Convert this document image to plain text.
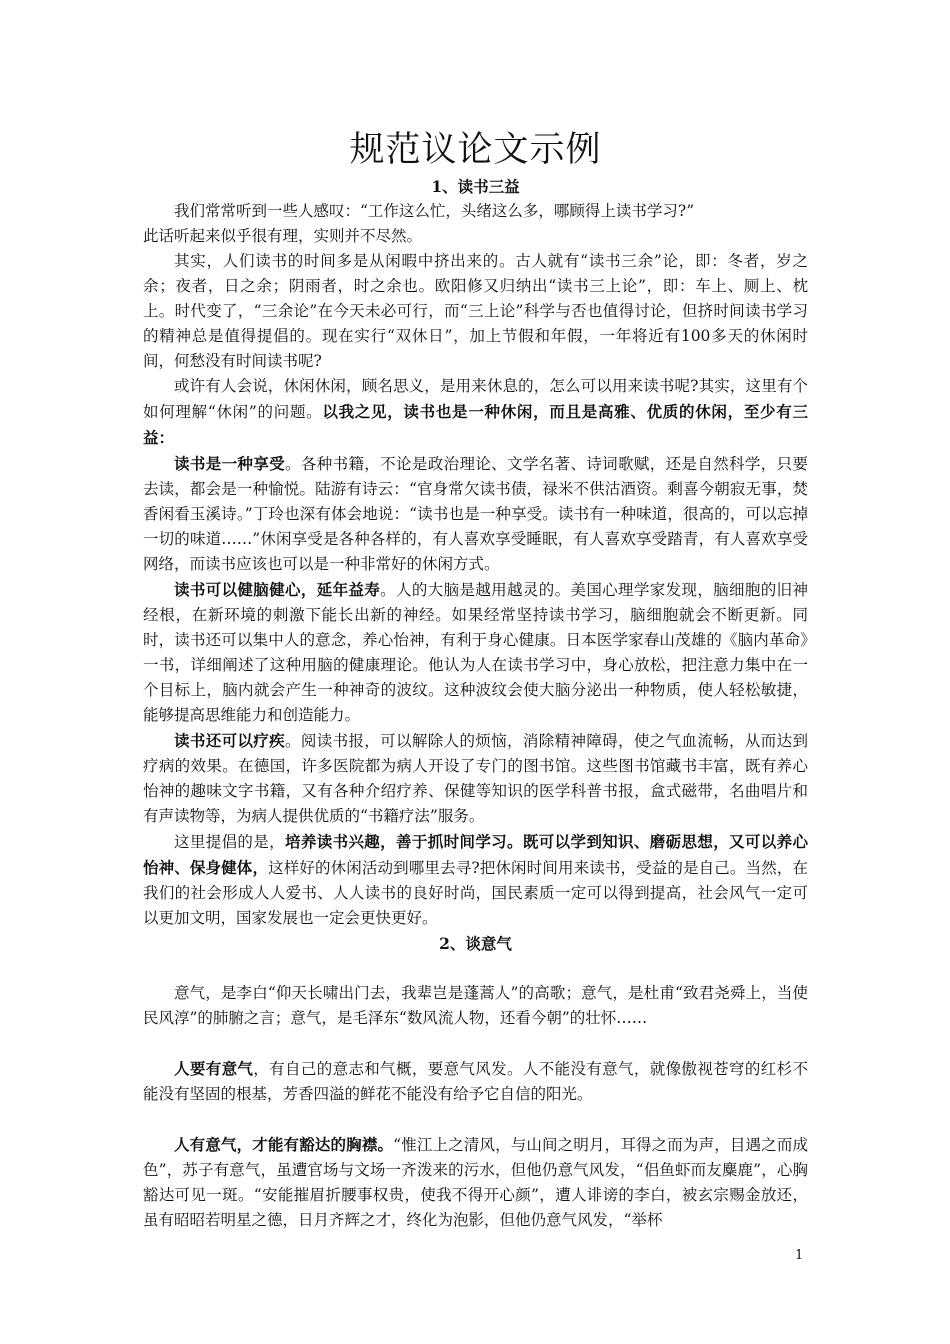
规范议论文示例
1、读书三益

我们常常听到一些人感叹：“工作这么忙，头绪这么多，哪顾得上读书学习?”

此话听起来似乎很有理，实则并不尽然。

其实，人们读书的时间多是从闲暇中挤出来的。古人就有“读书三余”论，即：冬者，岁之余；夜者，日之余；阴雨者，时之余也。欧阳修又归纳出“读书三上论”，即：车上、厕上、枕上。时代变了，“三余论”在今天未必可行，而“三上论”科学与否也值得讨论，但挤时间读书学习的精神总是值得提倡的。现在实行“双休日”，加上节假和年假，一年将近有100多天的休闲时间，何愁没有时间读书呢?

或许有人会说，休闲休闲，顾名思义，是用来休息的，怎么可以用来读书呢?其实，这里有个如何理解“休闲”的问题。以我之见，读书也是一种休闲，而且是高雅、优质的休闲，至少有三益：

读书是一种享受。各种书籍，不论是政治理论、文学名著、诗词歌赋，还是自然科学，只要去读，都会是一种愉悦。陆游有诗云：“官身常欠读书债，禄米不供沽酒资。剩喜今朝寂无事，焚香闲看玉溪诗。”丁玲也深有体会地说：“读书也是一种享受。读书有一种味道，很高的，可以忘掉一切的味道……”休闲享受是各种各样的，有人喜欢享受睡眠，有人喜欢享受踏青，有人喜欢享受网络，而读书应该也可以是一种非常好的休闲方式。

读书可以健脑健心，延年益寿。人的大脑是越用越灵的。美国心理学家发现，脑细胞的旧神经根，在新环境的刺激下能长出新的神经。如果经常坚持读书学习，脑细胞就会不断更新。同时，读书还可以集中人的意念，养心怡神，有利于身心健康。日本医学家春山茂雄的《脑内革命》一书，详细阐述了这种用脑的健康理论。他认为人在读书学习中，身心放松，把注意力集中在一个目标上，脑内就会产生一种神奇的波纹。这种波纹会使大脑分泌出一种物质，使人轻松敏捷，能够提高思维能力和创造能力。

读书还可以疗疾。阅读书报，可以解除人的烦恼，消除精神障碍，使之气血流畅，从而达到疗病的效果。在德国，许多医院都为病人开设了专门的图书馆。这些图书馆藏书丰富，既有养心怡神的趣味文字书籍，又有各种介绍疗养、保健等知识的医学科普书报，盒式磁带，名曲唱片和有声读物等，为病人提供优质的“书籍疗法”服务。

这里提倡的是，培养读书兴趣，善于抓时间学习。既可以学到知识、磨砺思想，又可以养心怡神、保身健体，这样好的休闲活动到哪里去寻?把休闲时间用来读书，受益的是自己。当然，在我们的社会形成人人爱书、人人读书的良好时尚，国民素质一定可以得到提高，社会风气一定可以更加文明，国家发展也一定会更快更好。

2、谈意气

意气，是李白“仰天长啸出门去，我辈岂是蓬蒿人”的高歌；意气，是杜甫“致君尧舜上，当使民风淳”的肺腑之言；意气，是毛泽东“数风流人物，还看今朝”的壮怀……

人要有意气，有自己的意志和气概，要意气风发。人不能没有意气，就像傲视苍穹的红杉不能没有坚固的根基，芳香四溢的鲜花不能没有给予它自信的阳光。

人有意气，才能有豁达的胸襟。“惟江上之清风，与山间之明月，耳得之而为声，目遇之而成色”，苏子有意气，虽遭官场与文场一齐泼来的污水，但他仍意气风发，“侣鱼虾而友麋鹿”，心胸豁达可见一斑。“安能摧眉折腰事权贵，使我不得开心颜”，遭人诽谤的李白，被玄宗赐金放还，虽有昭昭若明星之德，日月齐辉之才，终化为泡影，但他仍意气风发，“举杯

1
